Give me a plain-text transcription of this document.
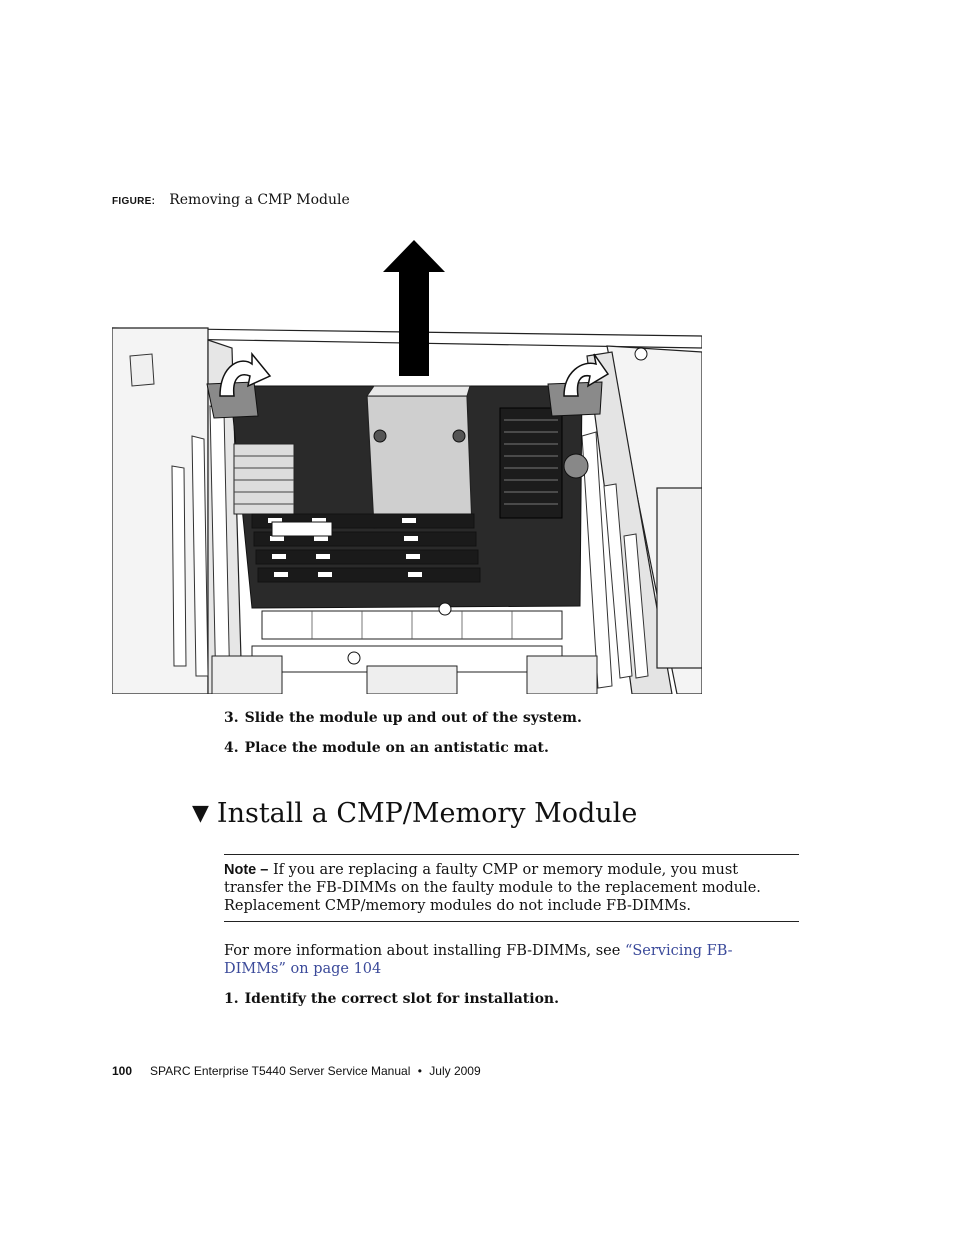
FIGURE: Removing a CMP Module
3. Slide the module up and out of the system.
4. Place the module on an antistatic mat.
▼ Install a CMP/Memory Module
Note – If you are replacing a faulty CMP or memory module, you must transfer the FB-DIMMs on the faulty module to the replacement module. Replacement CMP/memory modules do not include FB-DIMMs.
For more information about installing FB-DIMMs, see “Servicing FB-DIMMs” on page 104
1. Identify the correct slot for installation.
100 SPARC Enterprise T5440 Server Service Manual • July 2009
